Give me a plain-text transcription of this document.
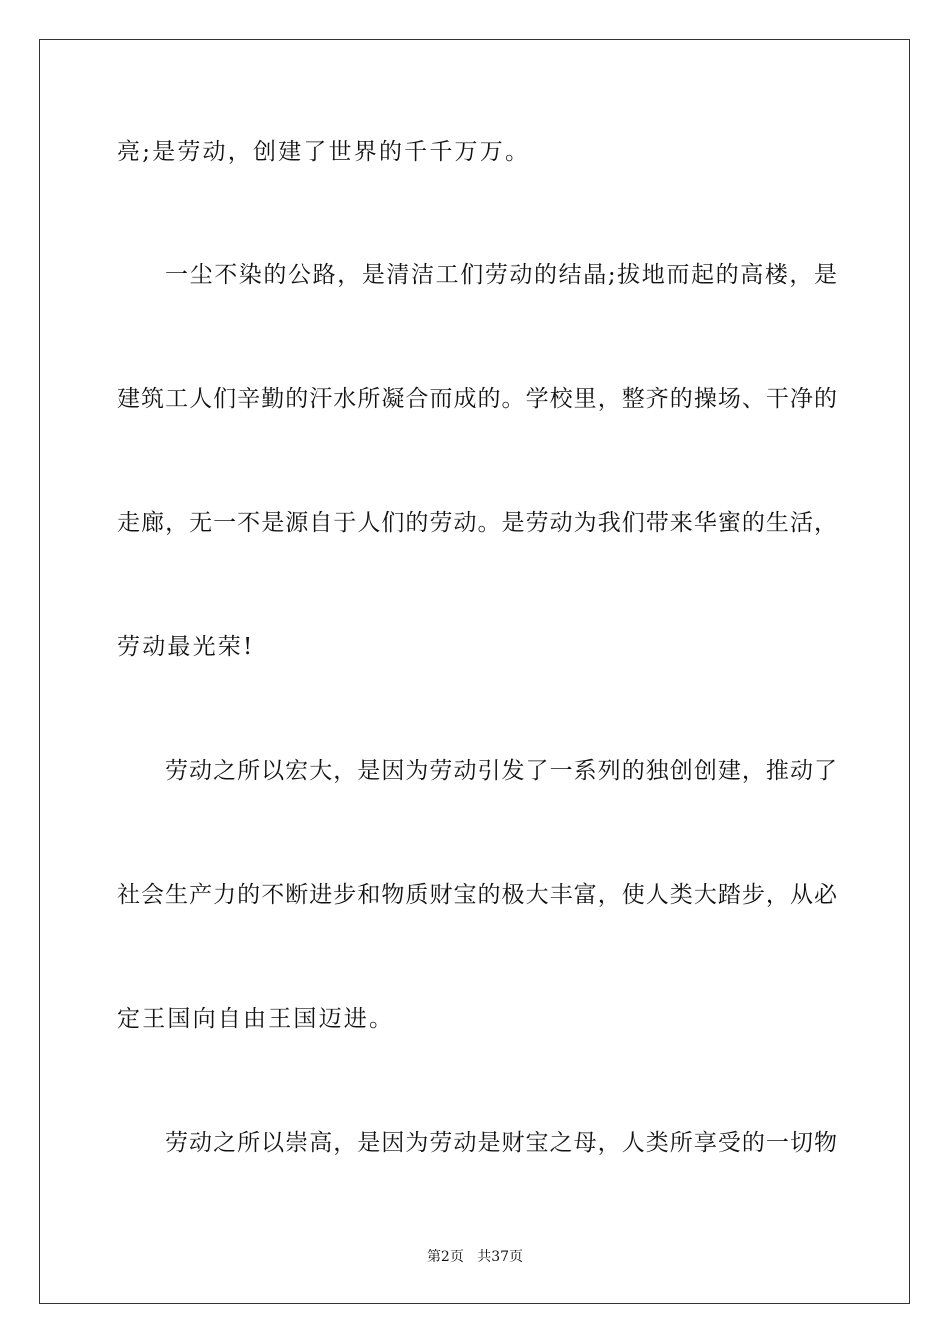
亮;是劳动，创建了世界的千千万万。
一尘不染的公路，是清洁工们劳动的结晶;拔地而起的高楼，是
建筑工人们辛勤的汗水所凝合而成的。学校里，整齐的操场、干净的
走廊，无一不是源自于人们的劳动。是劳动为我们带来华蜜的生活，
劳动最光荣!
劳动之所以宏大，是因为劳动引发了一系列的独创创建，推动了
社会生产力的不断进步和物质财宝的极大丰富，使人类大踏步，从必
定王国向自由王国迈进。
劳动之所以崇高，是因为劳动是财宝之母，人类所享受的一切物
第2页 共37页
